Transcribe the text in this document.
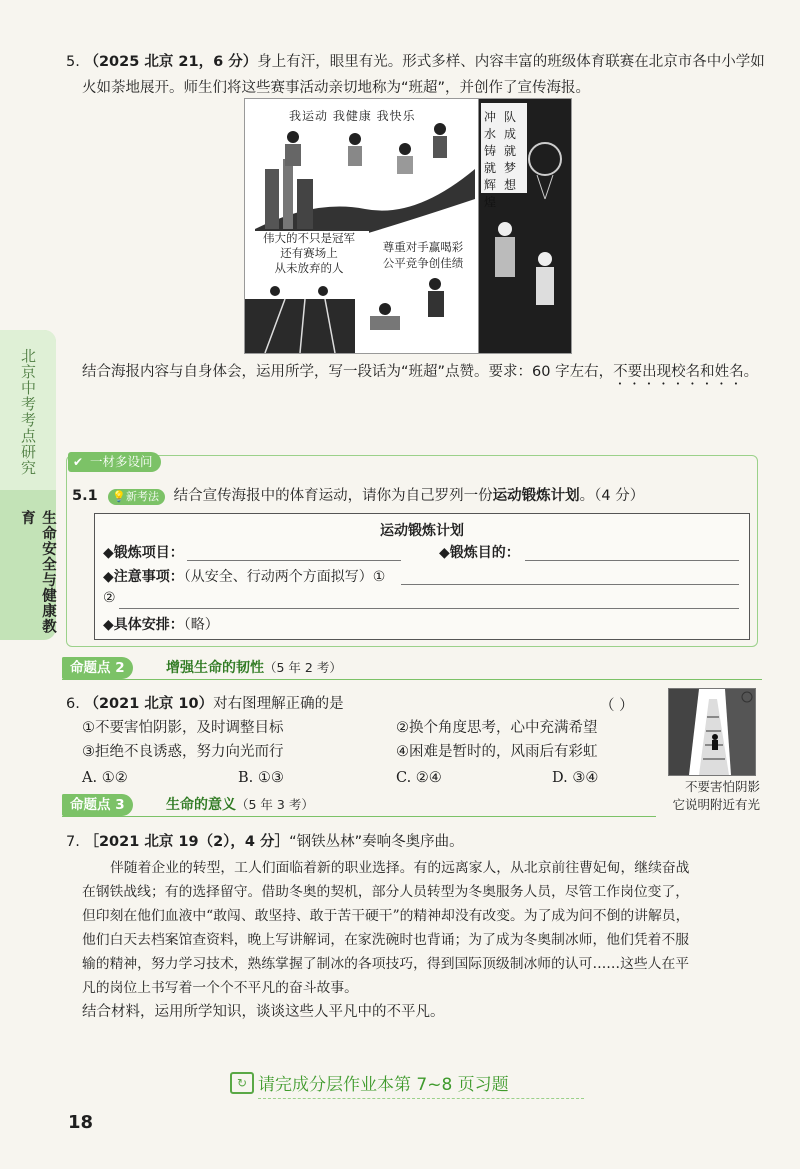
北京中考考点研究
生命安全与健康教育
5. （2025 北京 21，6 分）身上有汗，眼里有光。形式多样、内容丰富的班级体育联赛在北京市各中小学如
火如荼地展开。师生们将这些赛事活动亲切地称为“班超”，并创作了宣传海报。
我运动 我健康 我快乐	冲 队
水 成
铸 就
就 梦
辉 想
煌
伟大的不只是冠军
还有赛场上
从未放弃的人
尊重对手赢喝彩
公平竞争创佳绩
结合海报内容与自身体会，运用所学，写一段话为“班超”点赞。要求：60 字左右，不要出现校名和姓名。
✔ 一材多设问
5.1 💡新考法 结合宣传海报中的体育运动，请你为自己罗列一份运动锻炼计划。（4 分）
运动锻炼计划
◆锻炼项目：	◆锻炼目的：
◆注意事项：（从安全、行动两个方面拟写）①
②
◆具体安排：（略）
命题点 2	增强生命的韧性（5 年 2 考）
6. （2021 北京 10）对右图理解正确的是	（ ）
①不要害怕阴影，及时调整目标	②换个角度思考，心中充满希望
③拒绝不良诱惑，努力向光而行	④困难是暂时的，风雨后有彩虹
A. ①②	B. ①③	C. ②④	D. ③④
不要害怕阴影
它说明附近有光
命题点 3	生命的意义（5 年 3 考）
7. ［2021 北京 19（2），4 分］“钢铁丛林”奏响冬奥序曲。
伴随着企业的转型，工人们面临着新的职业选择。有的远离家人，从北京前往曹妃甸，继续奋战
在钢铁战线；有的选择留守。借助冬奥的契机，部分人员转型为冬奥服务人员，尽管工作岗位变了，
但印刻在他们血液中“敢闯、敢坚持、敢于苦干硬干”的精神却没有改变。为了成为问不倒的讲解员，
他们白天去档案馆查资料，晚上写讲解词，在家洗碗时也背诵；为了成为冬奥制冰师，他们凭着不服
输的精神，努力学习技术，熟练掌握了制冰的各项技巧，得到国际顶级制冰师的认可……这些人在平
凡的岗位上书写着一个个不平凡的奋斗故事。
结合材料，运用所学知识，谈谈这些人平凡中的不平凡。
↻ 请完成分层作业本第 7~8 页习题
18
